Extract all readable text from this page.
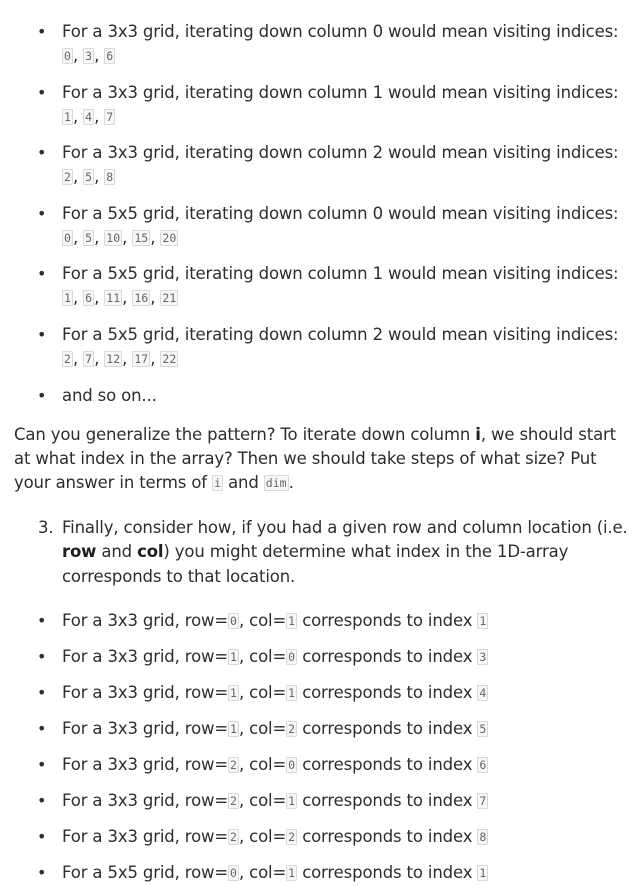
• For a 3x3 grid, iterating down column 0 would mean visiting indices: 0 , 3 , 6
• For a 3x3 grid, iterating down column 1 would mean visiting indices: 1 , 4 , 7
• For a 3x3 grid, iterating down column 2 would mean visiting indices: 2 , 5 , 8
• For a 5x5 grid, iterating down column 0 would mean visiting indices: 0 , 5 , 10 , 15 , 20
• For a 5x5 grid, iterating down column 1 would mean visiting indices: 1 , 6 , 11 , 16 , 21
• For a 5x5 grid, iterating down column 2 would mean visiting indices: 2 , 7 , 12 , 17 , 22
• and so on...

Can you generalize the pattern? To iterate down column i, we should start at what index in the array? Then we should take steps of what size? Put your answer in terms of i and dim .

3. Finally, consider how, if you had a given row and column location (i.e. row and col) you might determine what index in the 1D-array corresponds to that location.
• For a 3x3 grid, row= 0 , col= 1 corresponds to index 1
• For a 3x3 grid, row= 1 , col= 0 corresponds to index 3
• For a 3x3 grid, row= 1 , col= 1 corresponds to index 4
• For a 3x3 grid, row= 1 , col= 2 corresponds to index 5
• For a 3x3 grid, row= 2 , col= 0 corresponds to index 6
• For a 3x3 grid, row= 2 , col= 1 corresponds to index 7
• For a 3x3 grid, row= 2 , col= 2 corresponds to index 8
• For a 5x5 grid, row= 0 , col= 1 corresponds to index 1
